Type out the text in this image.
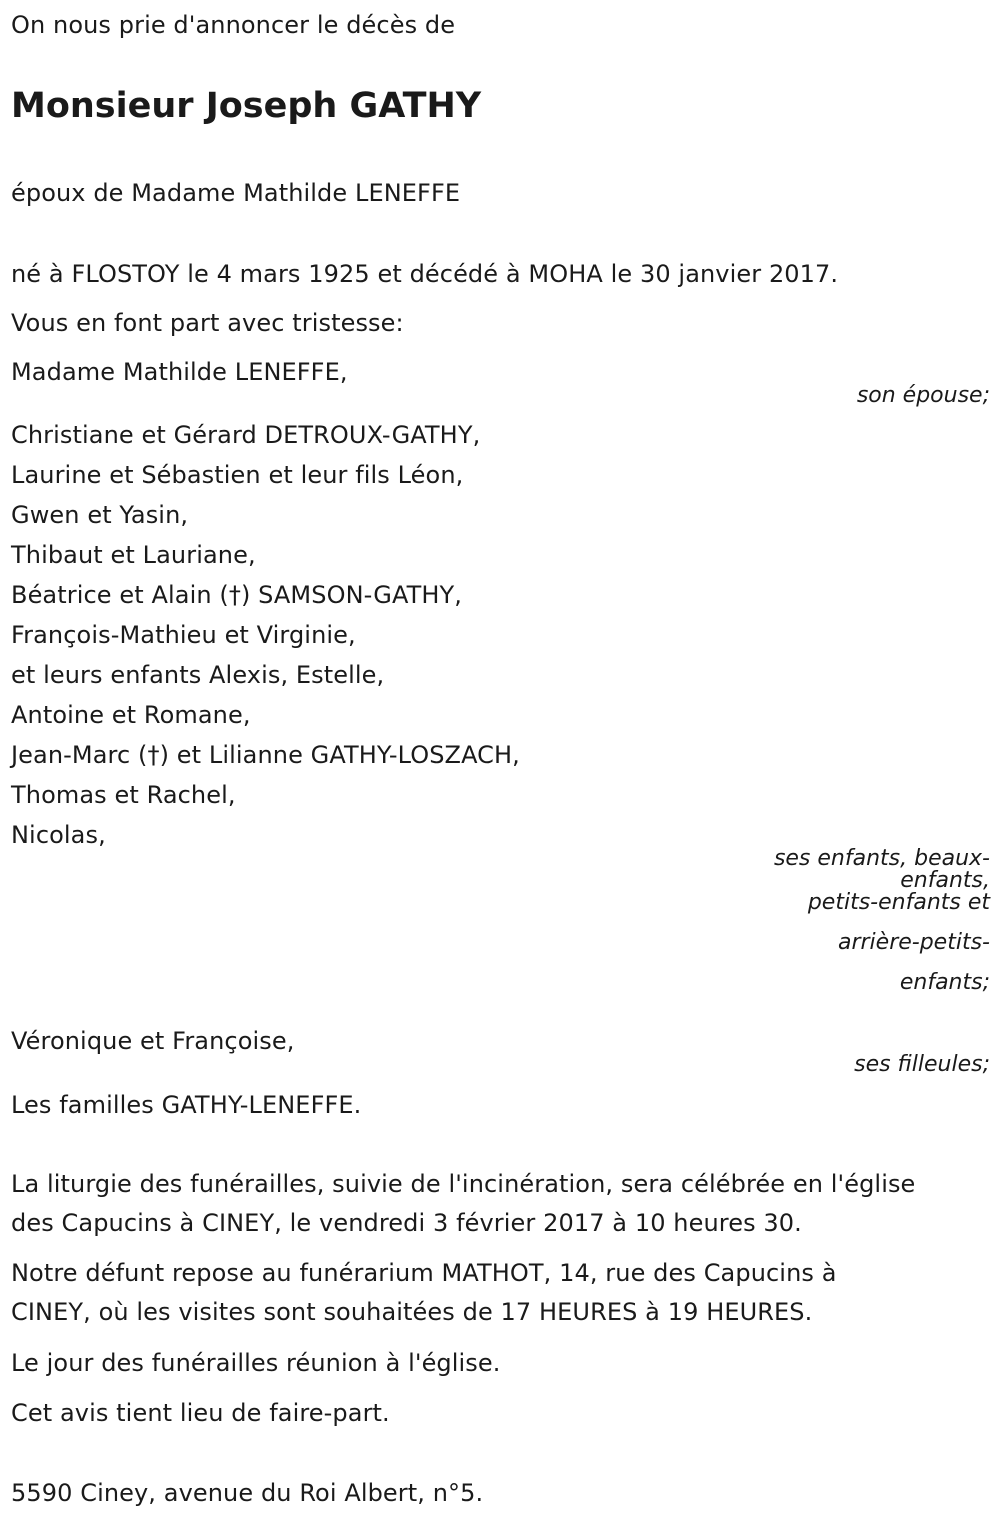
On nous prie d'annoncer le décès de
Monsieur Joseph GATHY
époux de Madame Mathilde LENEFFE
né à FLOSTOY le 4 mars 1925 et décédé à MOHA le 30 janvier 2017.
Vous en font part avec tristesse:
Madame Mathilde LENEFFE,
son épouse;
Christiane et Gérard DETROUX-GATHY,
Laurine et Sébastien et leur fils Léon,
Gwen et Yasin,
Thibaut et Lauriane,
Béatrice et Alain (†) SAMSON-GATHY,
François-Mathieu et Virginie,
et leurs enfants Alexis, Estelle,
Antoine et Romane,
Jean-Marc (†) et Lilianne GATHY-LOSZACH,
Thomas et Rachel,
Nicolas,
ses enfants, beaux-
enfants,
petits-enfants et
arrière-petits-
enfants;
Véronique et Françoise,
ses filleules;
Les familles GATHY-LENEFFE.
La liturgie des funérailles, suivie de l'incinération, sera célébrée en l'église
des Capucins à CINEY, le vendredi 3 février 2017 à 10 heures 30.
Notre défunt repose au funérarium MATHOT, 14, rue des Capucins à
CINEY, où les visites sont souhaitées de 17 HEURES à 19 HEURES.
Le jour des funérailles réunion à l'église.
Cet avis tient lieu de faire-part.
5590 Ciney, avenue du Roi Albert, n°5.
